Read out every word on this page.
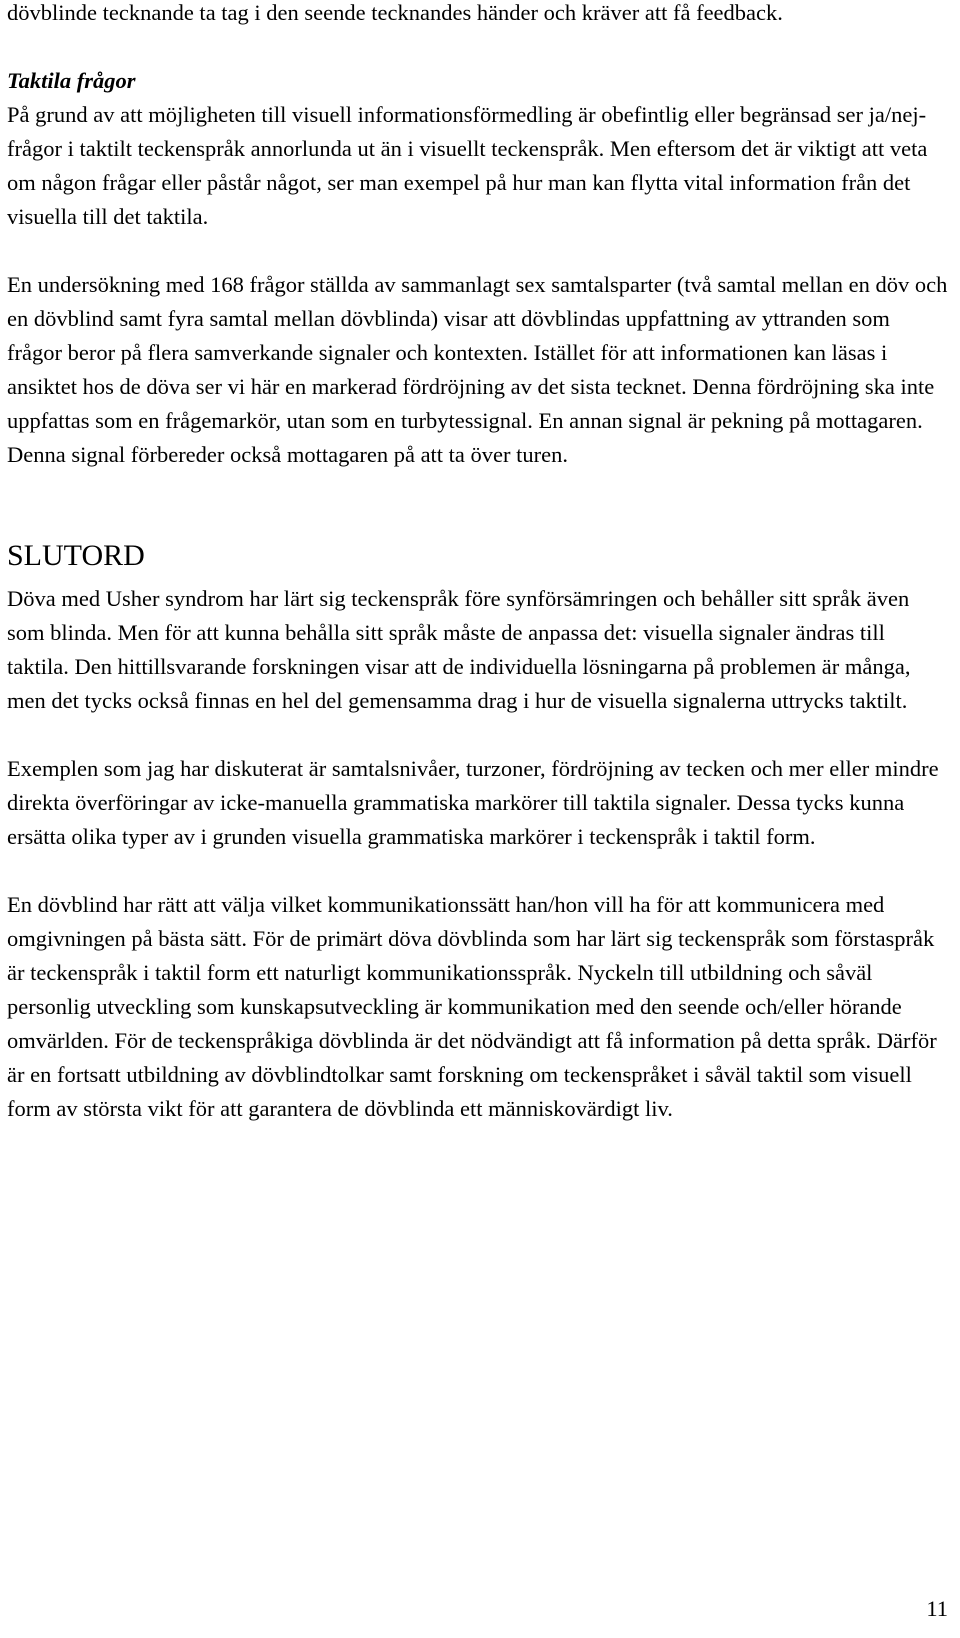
dövblinde tecknande ta tag i den seende tecknandes händer och kräver att få feedback.

Taktila frågor

På grund av att möjligheten till visuell informationsförmedling är obefintlig eller begränsad ser ja/nej-frågor i taktilt teckenspråk annorlunda ut än i visuellt teckenspråk. Men eftersom det är viktigt att veta om någon frågar eller påstår något, ser man exempel på hur man kan flytta vital information från det visuella till det taktila.

En undersökning med 168 frågor ställda av sammanlagt sex samtalsparter (två samtal mellan en döv och en dövblind samt fyra samtal mellan dövblinda) visar att dövblindas uppfattning av yttranden som frågor beror på flera samverkande signaler och kontexten. Istället för att informationen kan läsas i ansiktet hos de döva ser vi här en markerad fördröjning av det sista tecknet. Denna fördröjning ska inte uppfattas som en frågemarkör, utan som en turbytessignal. En annan signal är pekning på mottagaren. Denna signal förbereder också mottagaren på att ta över turen.

SLUTORD

Döva med Usher syndrom har lärt sig teckenspråk före synförsämringen och behåller sitt språk även som blinda. Men för att kunna behålla sitt språk måste de anpassa det: visuella signaler ändras till taktila. Den hittillsvarande forskningen visar att de individuella lösningarna på problemen är många, men det tycks också finnas en hel del gemensamma drag i hur de visuella signalerna uttrycks taktilt.

Exemplen som jag har diskuterat är samtalsnivåer, turzoner, fördröjning av tecken och mer eller mindre direkta överföringar av icke-manuella grammatiska markörer till taktila signaler. Dessa tycks kunna ersätta olika typer av i grunden visuella grammatiska markörer i teckenspråk i taktil form.

En dövblind har rätt att välja vilket kommunikationssätt han/hon vill ha för att kommunicera med omgivningen på bästa sätt. För de primärt döva dövblinda som har lärt sig teckenspråk som förstaspråk är teckenspråk i taktil form ett naturligt kommunikationsspråk. Nyckeln till utbildning och såväl personlig utveckling som kunskapsutveckling är kommunikation med den seende och/eller hörande omvärlden. För de teckenspråkiga dövblinda är det nödvändigt att få information på detta språk. Därför är en fortsatt utbildning av dövblindtolkar samt forskning om teckenspråket i såväl taktil som visuell form av största vikt för att garantera de dövblinda ett människovärdigt liv.

11
